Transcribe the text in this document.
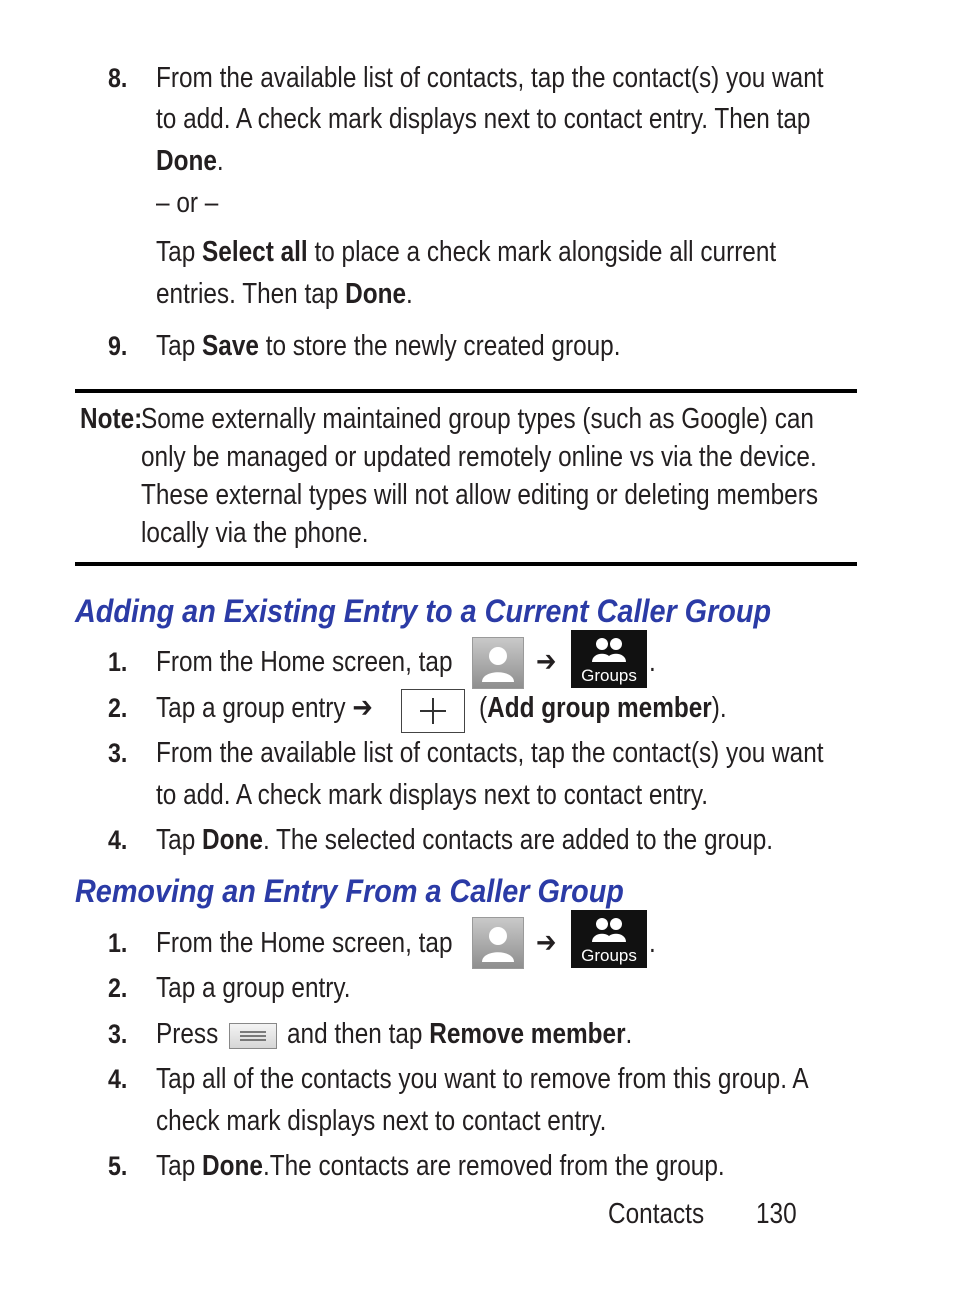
8. From the available list of contacts, tap the contact(s) you want
to add. A check mark displays next to contact entry. Then tap
Done.
– or –
Tap Select all to place a check mark alongside all current
entries. Then tap Done.
9. Tap Save to store the newly created group.
Note:
Some externally maintained group types (such as Google) can
only be managed or updated remotely online vs via the device.
These external types will not allow editing or deleting members
locally via the phone.
Adding an Existing Entry to a Current Caller Group
1. From the Home screen, tap	➔	Groups .
2. Tap a group entry ➔	(Add group member).
3. From the available list of contacts, tap the contact(s) you want
to add. A check mark displays next to contact entry.
4. Tap Done. The selected contacts are added to the group.
Removing an Entry From a Caller Group
1. From the Home screen, tap	➔	Groups .
2. Tap a group entry.
3. Press and then tap Remove member.
4. Tap all of the contacts you want to remove from this group. A
check mark displays next to contact entry.
5. Tap Done.The contacts are removed from the group.
Contacts 130
